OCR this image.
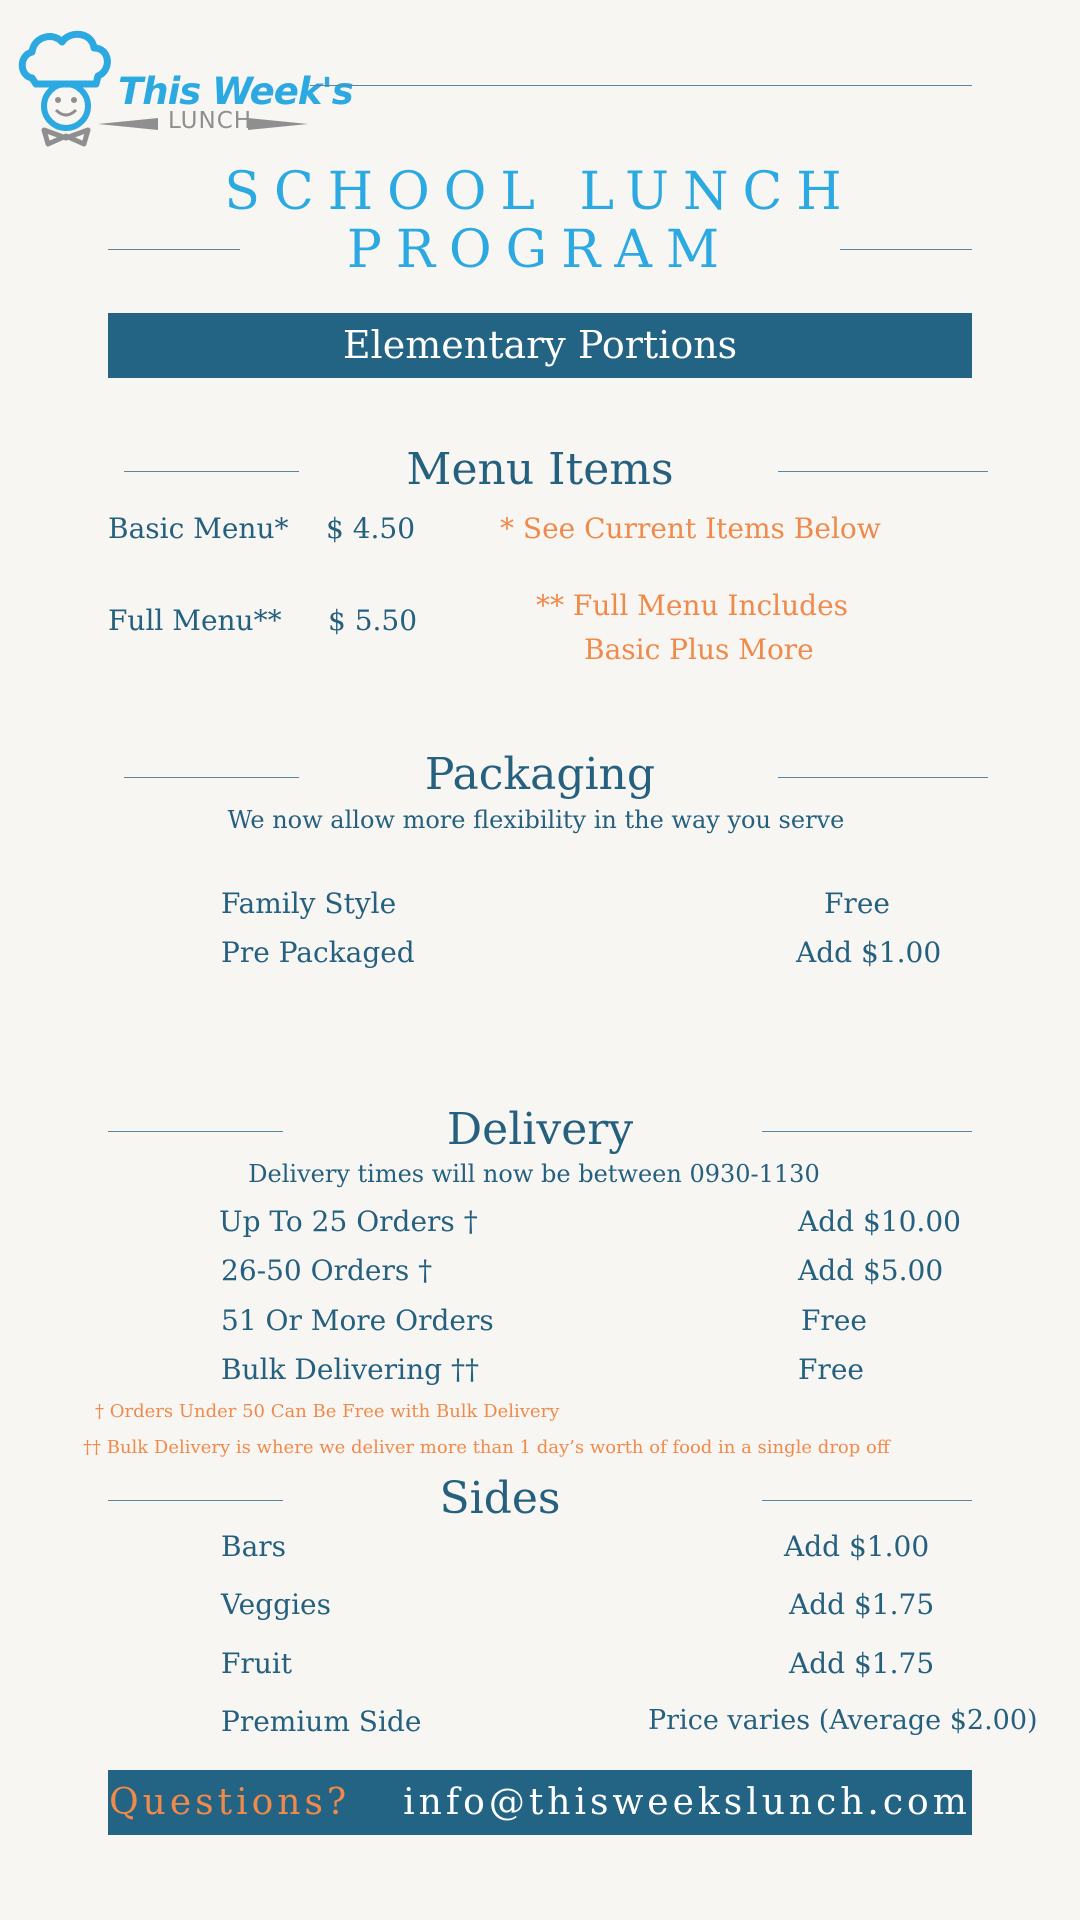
This Week's
LUNCH
SCHOOL LUNCH
PROGRAM
Elementary Portions
Menu Items
Basic Menu* $ 4.50
Full Menu** $ 5.50
* See Current Items Below
** Full Menu Includes
Basic Plus More
Packaging
We now allow more flexibility in the way you serve
Family Style	Free
Pre Packaged	Add $1.00
Delivery
Delivery times will now be between 0930-1130
Up To 25 Orders †	Add $10.00
26-50 Orders †	Add $5.00
51 Or More Orders	Free
Bulk Delivering ††	Free
† Orders Under 50 Can Be Free with Bulk Delivery
†† Bulk Delivery is where we deliver more than 1 day’s worth of food in a single drop off
Sides
Bars	Add $1.00
Veggies	Add $1.75
Fruit	Add $1.75
Premium Side	Price varies (Average $2.00)
Questions? info@thisweekslunch.com
